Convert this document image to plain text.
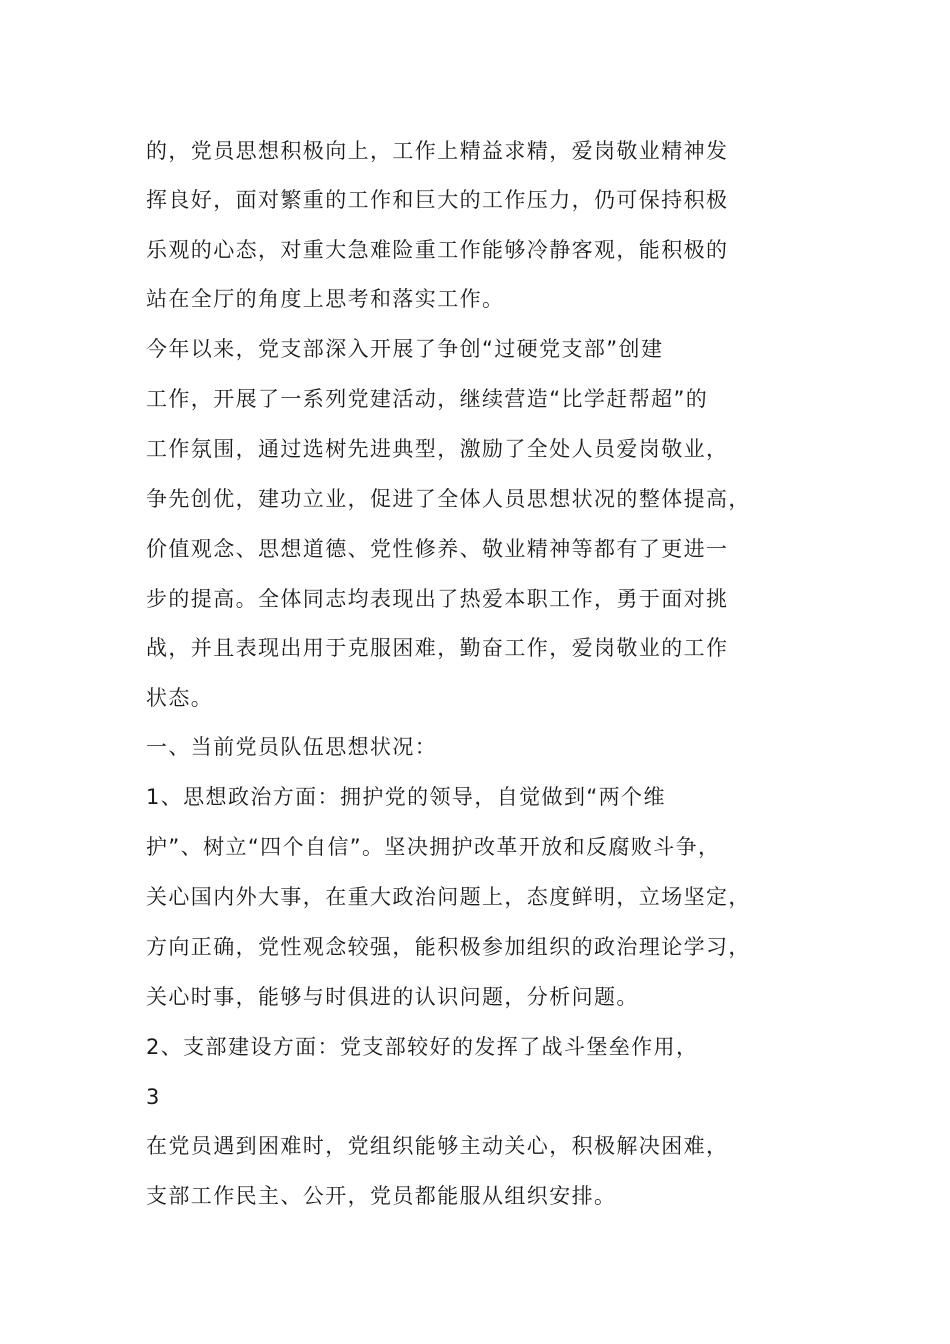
的，党员思想积极向上，工作上精益求精，爱岗敬业精神发
挥良好，面对繁重的工作和巨大的工作压力，仍可保持积极
乐观的心态，对重大急难险重工作能够冷静客观，能积极的
站在全厅的角度上思考和落实工作。
今年以来，党支部深入开展了争创“过硬党支部”创建
工作，开展了一系列党建活动，继续营造“比学赶帮超”的
工作氛围，通过选树先进典型，激励了全处人员爱岗敬业，
争先创优，建功立业，促进了全体人员思想状况的整体提高，
价值观念、思想道德、党性修养、敬业精神等都有了更进一
步的提高。全体同志均表现出了热爱本职工作，勇于面对挑
战，并且表现出用于克服困难，勤奋工作，爱岗敬业的工作
状态。
一、当前党员队伍思想状况：
1、思想政治方面：拥护党的领导，自觉做到“两个维
护”、树立“四个自信”。坚决拥护改革开放和反腐败斗争，
关心国内外大事，在重大政治问题上，态度鲜明，立场坚定，
方向正确，党性观念较强，能积极参加组织的政治理论学习，
关心时事，能够与时俱进的认识问题，分析问题。
2、支部建设方面：党支部较好的发挥了战斗堡垒作用，
3
在党员遇到困难时，党组织能够主动关心，积极解决困难，
支部工作民主、公开，党员都能服从组织安排。
